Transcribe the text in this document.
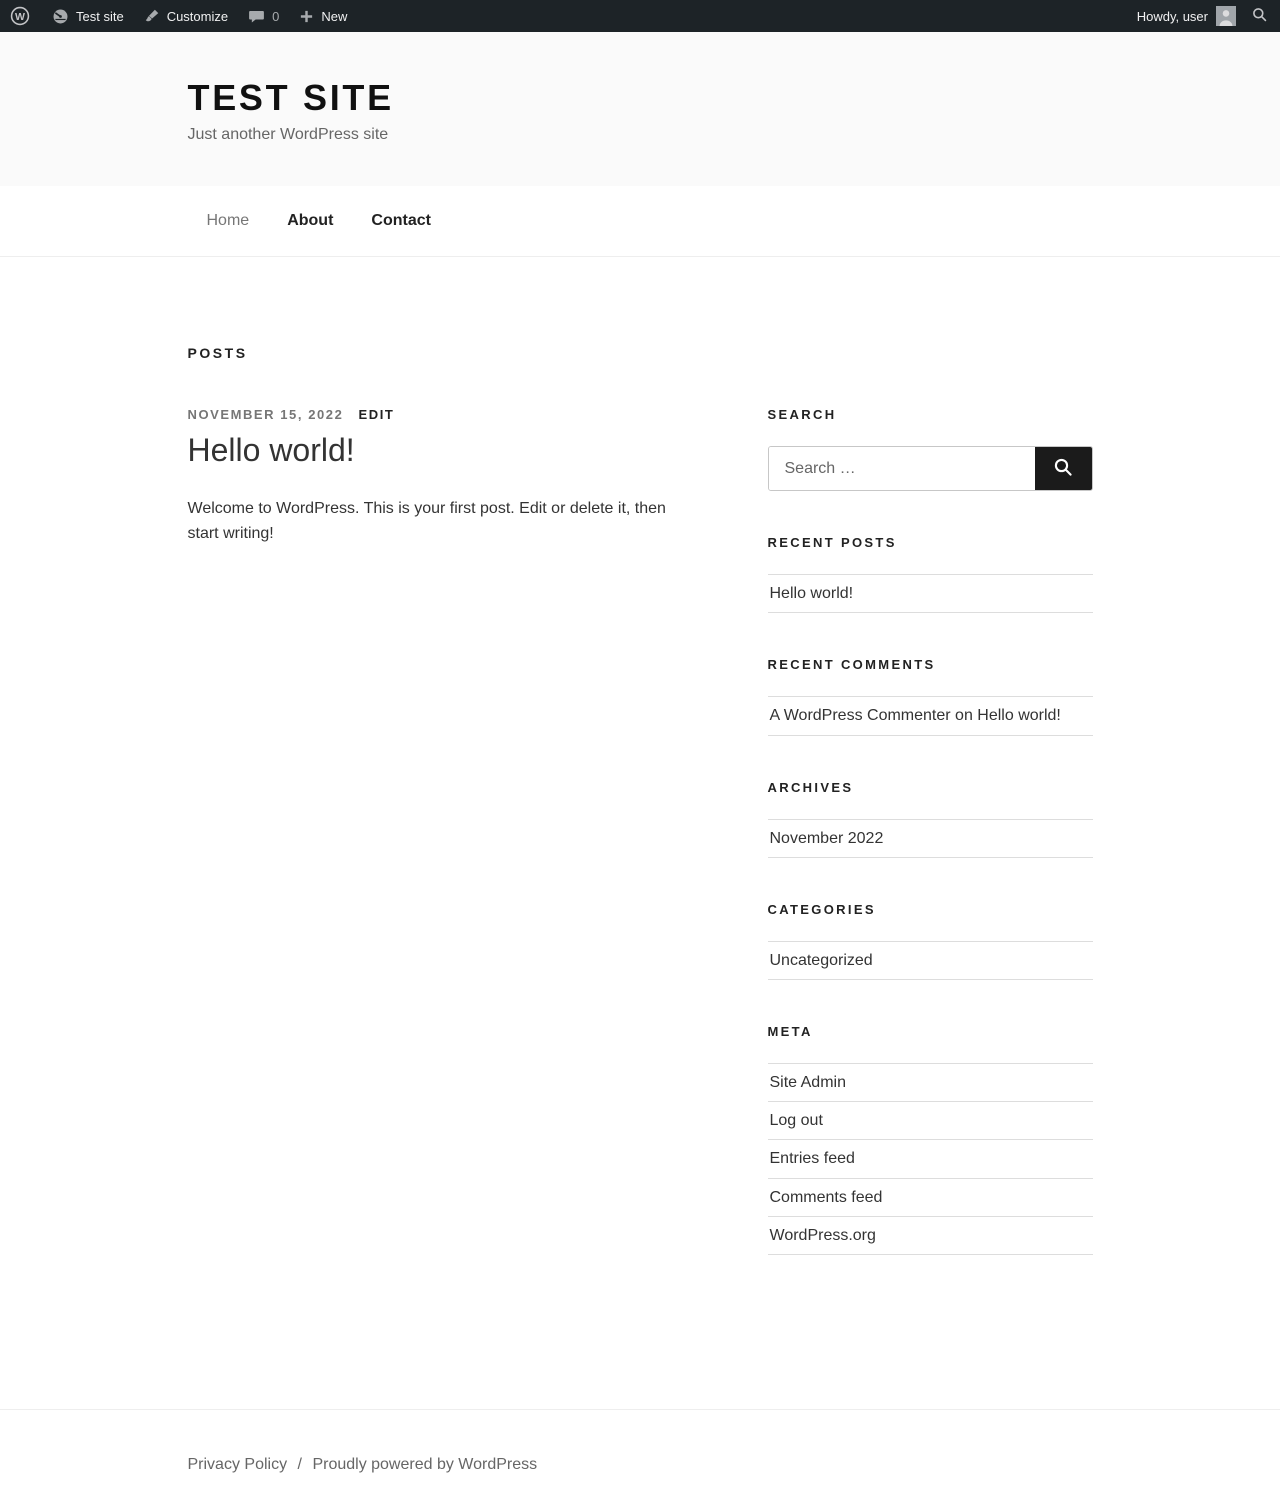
W	Test site	Customize	0	New	Howdy, user
TEST SITE
Just another WordPress site
Home	About	Contact
POSTS
NOVEMBER 15, 2022 EDIT
Hello world!

Welcome to WordPress. This is your first post. Edit or delete it, then start writing!

SEARCH
Search …
RECENT POSTS
Hello world!
RECENT COMMENTS
A WordPress Commenter on Hello world!
ARCHIVES
November 2022
CATEGORIES
Uncategorized
META
Site Admin
Log out
Entries feed
Comments feed
WordPress.org
Privacy Policy / Proudly powered by WordPress
